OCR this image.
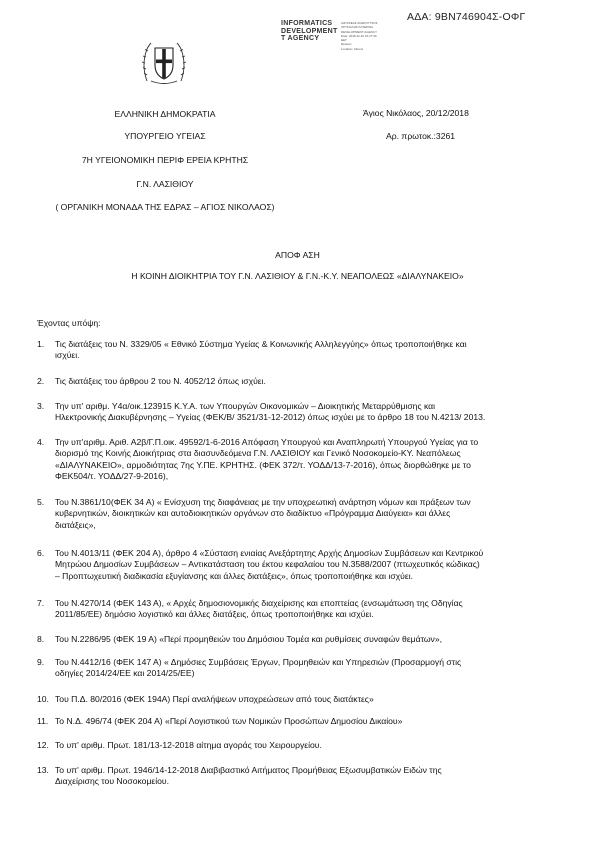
ΑΔΑ: 9ΒΝ746904Σ-ΟΦΓ
INFORMATICS
DEVELOPMENT
T AGENCY
ΟΔΥΣΣΕΑΣ ΑΝΔΡΟΥΤΣΟΣ
ΧΡΥΣΙΑΛΗΣ ΚΑΤΕΡΙΝΑ
DEVELOPMENT AGENCY
Date: 2018.12.20 15:27:39
EET
Reason:
Location: Athens
ΕΛΛΗΝΙΚΗ ΔΗΜΟΚΡΑΤΙΑ
ΥΠΟΥΡΓΕΙΟ ΥΓΕΙΑΣ
7Η ΥΓΕΙΟΝΟΜΙΚΗ ΠΕΡΙΦ ΕΡΕΙΑ ΚΡΗΤΗΣ
Γ.Ν. ΛΑΣΙΘΙΟΥ
( ΟΡΓΑΝΙΚΗ ΜΟΝΑΔΑ ΤΗΣ ΕΔΡΑΣ – ΑΓΙΟΣ ΝΙΚΟΛΑΟΣ)
Άγιος Νικόλαος, 20/12/2018
Αρ. πρωτοκ.:3261
ΑΠΟΦ ΑΣΗ
Η ΚΟΙΝΗ ΔΙΟΙΚΗΤΡΙΑ ΤΟΥ Γ.Ν. ΛΑΣΙΘΙΟΥ & Γ.Ν.-Κ.Υ. ΝΕΑΠΟΛΕΩΣ «ΔΙΑΛΥΝΑΚΕΙΟ»
Έχοντας υπόψη:
1.	Τις διατάξεις του Ν. 3329/05 « Εθνικό Σύστημα Υγείας & Κοινωνικής Αλληλεγγύης» όπως τροποποιήθηκε και
ισχύει.
2.	Τις διατάξεις του άρθρου 2 του Ν. 4052/12 όπως ισχύει.
3.	Την υπ' αριθμ. Υ4α/οικ.123915 Κ.Υ.Α. των Υπουργών Οικονομικών – Διοικητικής Μεταρρύθμισης και
Ηλεκτρονικής Διακυβέρνησης – Υγείας (ΦΕΚ/Β/ 3521/31-12-2012) όπως ισχύει με το άρθρο 18 του Ν.4213/ 2013.
4.	Την υπ'αριθμ. Αριθ. Α2β/Γ.Π.οικ. 49592/1-6-2016 Απόφαση Υπουργού και Αναπληρωτή Υπουργού Υγείας για το
διορισμό της Κοινής Διοικήτριας στα διασυνδεόμενα Γ.Ν. ΛΑΣΙΘΙΟΥ και Γενικό Νοσοκομείο-ΚΥ. Νεαπόλεως
«ΔΙΑΛΥΝΑΚΕΙΟ», αρμοδιότητας 7ης Υ.ΠΕ. ΚΡΗΤΗΣ. (ΦΕΚ 372/τ. ΥΟΔΔ/13-7-2016), όπως διορθώθηκε με το
ΦΕΚ504/τ. ΥΟΔΔ/27-9-2016),
5.	Του Ν.3861/10(ΦΕΚ 34 Α) « Ενίσχυση της διαφάνειας με την υποχρεωτική ανάρτηση νόμων και πράξεων των
κυβερνητικών, διοικητικών και αυτοδιοικητικών οργάνων στο διαδίκτυο «Πρόγραμμα Διαύγεια» και άλλες
διατάξεις»,
6.	Του Ν.4013/11 (ΦΕΚ 204 Α), άρθρο 4 «Σύσταση ενιαίας Ανεξάρτητης Αρχής Δημοσίων Συμβάσεων και Κεντρικού
Μητρώου Δημοσίων Συμβάσεων – Αντικατάσταση του έκτου κεφαλαίου του Ν.3588/2007 (πτωχευτικός κώδικας)
– Προπτωχευτική διαδικασία εξυγίανσης και άλλες διατάξεις», όπως τροποποιήθηκε και ισχύει.
7.	Του Ν.4270/14 (ΦΕΚ 143 Α), « Αρχές δημοσιονομικής διαχείρισης και εποπτείας (ενσωμάτωση της Οδηγίας
2011/85/ΕΕ) δημόσιο λογιστικό και άλλες διατάξεις, όπως τροποποιήθηκε και ισχύει.
8.	Του Ν.2286/95 (ΦΕΚ 19 Α) «Περί προμηθειών του Δημόσιου Τομέα και ρυθμίσεις συναφών θεμάτων»,
9.	Του Ν.4412/16 (ΦΕΚ 147 Α) « Δημόσιες Συμβάσεις Έργων, Προμηθειών και Υπηρεσιών (Προσαρμογή στις
οδηγίες 2014/24/ΕΕ και 2014/25/ΕΕ)
10. Του Π.Δ. 80/2016 (ΦΕΚ 194Α) Περί αναλήψεων υποχρεώσεων από τους διατάκτες»
11. Το Ν.Δ. 496/74 (ΦΕΚ 204 Α) «Περί Λογιστικού των Νομικών Προσώπων Δημοσίου Δικαίου»
12. Το υπ' αριθμ. Πρωτ. 181/13-12-2018 αίτημα αγοράς του Χειρουργείου.
13. Το υπ' αριθμ. Πρωτ. 1946/14-12-2018 Διαβιβαστικό Αιτήματος Προμήθειας Εξωσυμβατικών Ειδών της
Διαχείρισης του Νοσοκομείου.
